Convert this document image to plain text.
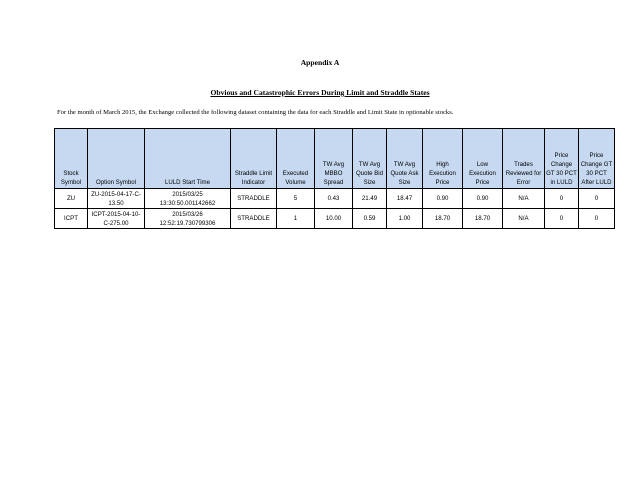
Appendix A
Obvious and Catastrophic Errors During Limit and Straddle States
For the month of March 2015, the Exchange collected the following dataset containing the data for each Straddle and Limit State in optionable stocks.
Stock Symbol	Option Symbol	LULD Start Time	Straddle Limit Indicator	Executed Volume	TW Avg MBBO Spread	TW Avg Quote Bid Size	TW Avg Quote Ask Size	High Execution Price	Low Execution Price	Trades Reviewed for Error	Price Change GT 30 PCT in LULD	Price Change GT 30 PCT After LULD
ZU	ZU-2015-04-17-C-13.50	2015/03/25 13:30:50.001142662	STRADDLE	5	0.43	21.49	18.47	0.90	0.90	N/A	0	0
ICPT	ICPT-2015-04-10-C-275.00	2015/03/26 12:52:19.730799306	STRADDLE	1	10.00	0.59	1.00	18.70	18.70	N/A	0	0
